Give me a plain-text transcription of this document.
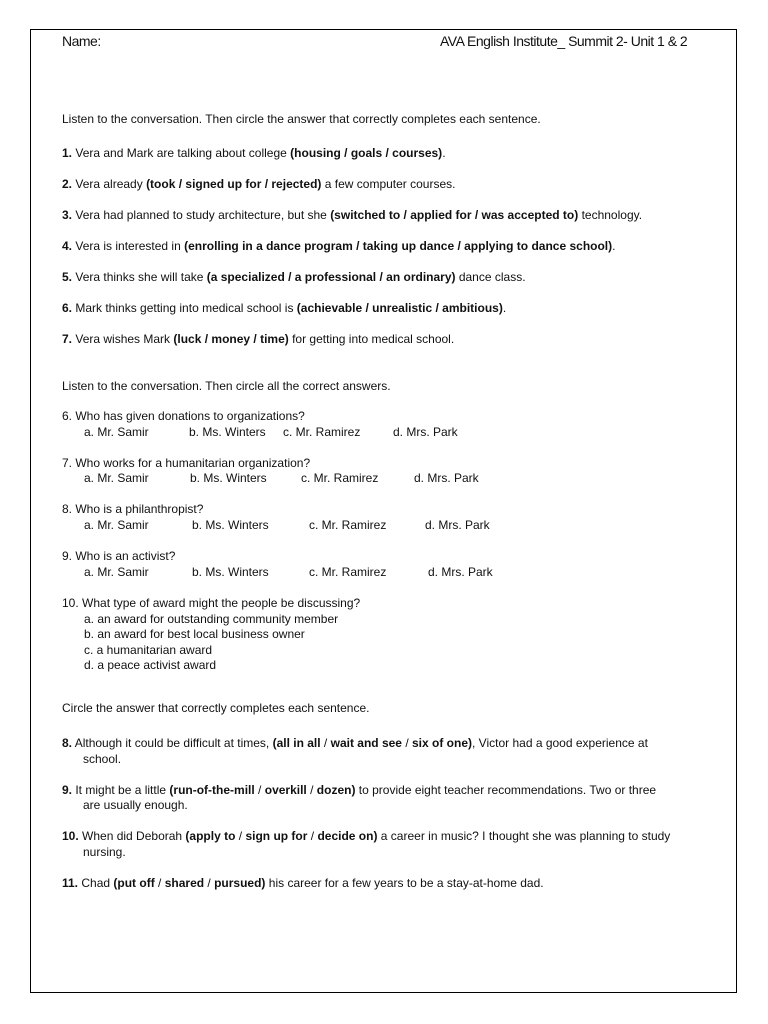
Name:	AVA English Institute_ Summit 2- Unit 1 & 2
Listen to the conversation. Then circle the answer that correctly completes each sentence.
1. Vera and Mark are talking about college (housing / goals / courses).
2. Vera already (took / signed up for / rejected) a few computer courses.
3. Vera had planned to study architecture, but she (switched to / applied for / was accepted to) technology.
4. Vera is interested in (enrolling in a dance program / taking up dance / applying to dance school).
5. Vera thinks she will take (a specialized / a professional / an ordinary) dance class.
6. Mark thinks getting into medical school is (achievable / unrealistic / ambitious).
7. Vera wishes Mark (luck / money / time) for getting into medical school.
Listen to the conversation. Then circle all the correct answers.
6. Who has given donations to organizations?
a. Mr. Samir	b. Ms. Winters c. Mr. Ramirez	d. Mrs. Park
7. Who works for a humanitarian organization?
a. Mr. Samir	b. Ms. Winters	c. Mr. Ramirez	d. Mrs. Park
8. Who is a philanthropist?
a. Mr. Samir	b. Ms. Winters	c. Mr. Ramirez	d. Mrs. Park
9. Who is an activist?
a. Mr. Samir	b. Ms. Winters	c. Mr. Ramirez	d. Mrs. Park
10. What type of award might the people be discussing?
a. an award for outstanding community member
b. an award for best local business owner
c. a humanitarian award
d. a peace activist award
Circle the answer that correctly completes each sentence.
8. Although it could be difficult at times, (all in all / wait and see / six of one), Victor had a good experience at
school.
9. It might be a little (run-of-the-mill / overkill / dozen) to provide eight teacher recommendations. Two or three
are usually enough.
10. When did Deborah (apply to / sign up for / decide on) a career in music? I thought she was planning to study
nursing.
11. Chad (put off / shared / pursued) his career for a few years to be a stay-at-home dad.
